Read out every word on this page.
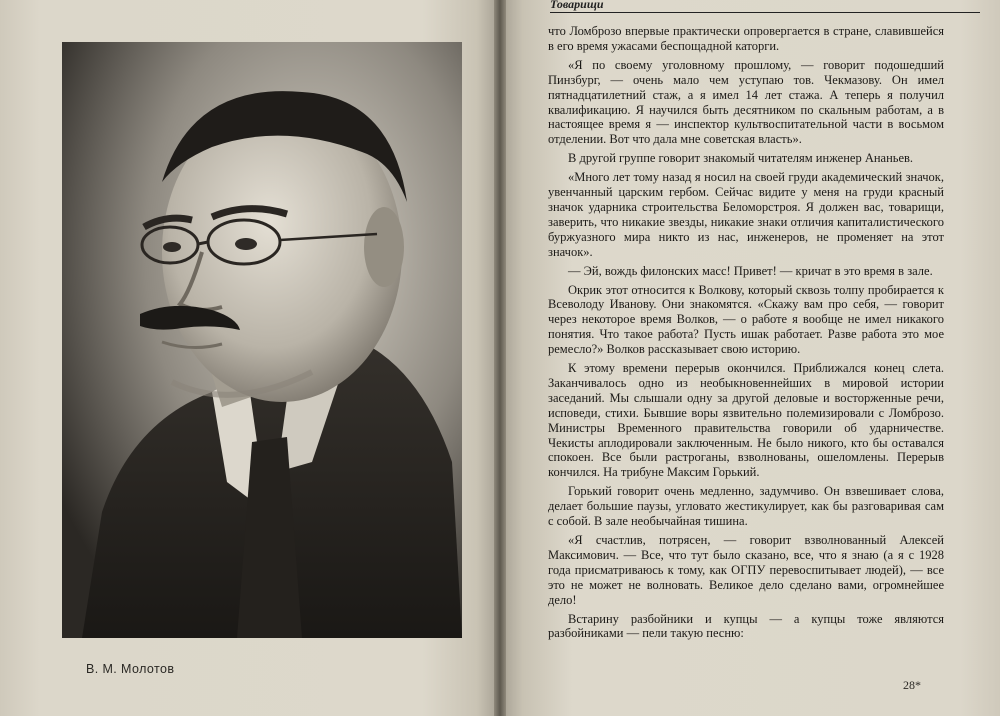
В. М. Молотов
Товарищи

что Ломброзо впервые практически опровергается в стране, славившейся в его время ужасами беспощадной каторги.

«Я по своему уголовному прошлому, — говорит подошедший Пинзбург, — очень мало чем уступаю тов. Чекмазову. Он имел пятнадцатилетний стаж, а я имел 14 лет стажа. А теперь я получил квалификацию. Я научился быть десятником по скальным работам, а в настоящее время я — инспектор культвоспитательной части в восьмом отделении. Вот что дала мне советская власть».

В другой группе говорит знакомый читателям инженер Ананьев.

«Много лет тому назад я носил на своей груди академический значок, увенчанный царским гербом. Сейчас видите у меня на груди красный значок ударника строительства Беломорстроя. Я должен вас, товарищи, заверить, что никакие звезды, никакие знаки отличия капиталистического буржуазного мира никто из нас, инженеров, не променяет на этот значок».

— Эй, вождь филонских масс! Привет! — кричат в это время в зале.

Окрик этот относится к Волкову, который сквозь толпу пробирается к Всеволоду Иванову. Они знакомятся. «Скажу вам про себя, — говорит через некоторое время Волков, — о работе я вообще не имел никакого понятия. Что такое работа? Пусть ишак работает. Разве работа это мое ремесло?» Волков рассказывает свою историю.

К этому времени перерыв окончился. Приближался конец слета. Заканчивалось одно из необыкновеннейших в мировой истории заседаний. Мы слышали одну за другой деловые и восторженные речи, исповеди, стихи. Бывшие воры язвительно полемизировали с Ломброзо. Министры Временного правительства говорили об ударничестве. Чекисты аплодировали заключенным. Не было никого, кто бы оставался спокоен. Все были растроганы, взволнованы, ошеломлены. Перерыв кончился. На трибуне Максим Горький.

Горький говорит очень медленно, задумчиво. Он взвешивает слова, делает большие паузы, угловато жестикулирует, как бы разговаривая сам с собой. В зале необычайная тишина.

«Я счастлив, потрясен, — говорит взволнованный Алексей Максимович. — Все, что тут было сказано, все, что я знаю (а я с 1928 года присматриваюсь к тому, как ОГПУ перевоспитывает людей), — все это не может не волновать. Великое дело сделано вами, огромнейшее дело!

Встарину разбойники и купцы — а купцы тоже являются разбойниками — пели такую песню:

28*
